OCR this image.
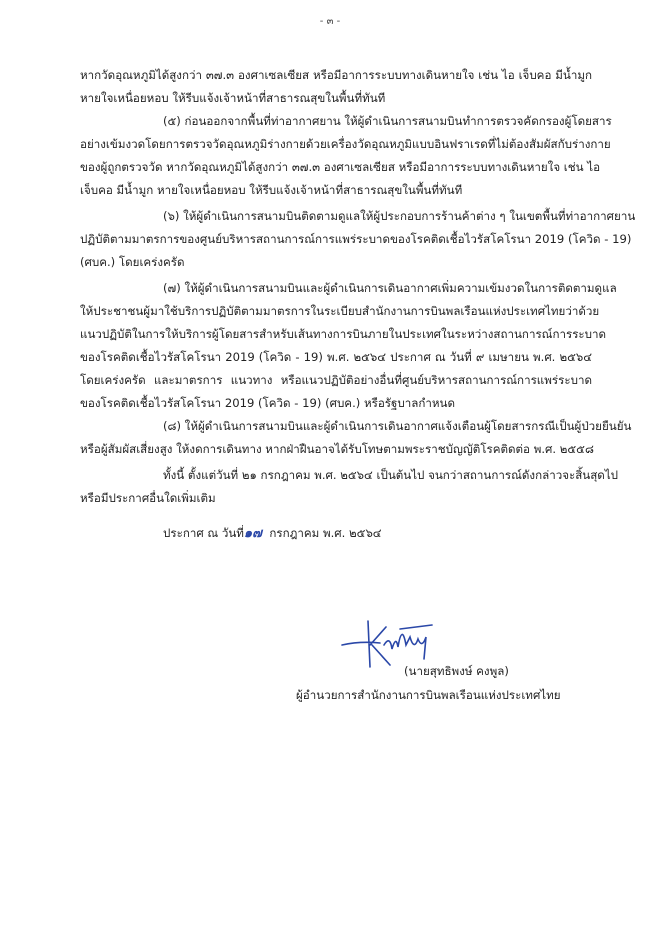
- ๓ -
หากวัดอุณหภูมิได้สูงกว่า ๓๗.๓ องศาเซลเซียส หรือมีอาการระบบทางเดินหายใจ เช่น ไอ เจ็บคอ มีน้ำมูก
หายใจเหนื่อยหอบ ให้รีบแจ้งเจ้าหน้าที่สาธารณสุขในพื้นที่ทันที
(๕) ก่อนออกจากพื้นที่ท่าอากาศยาน ให้ผู้ดำเนินการสนามบินทำการตรวจคัดกรองผู้โดยสาร
อย่างเข้มงวดโดยการตรวจวัดอุณหภูมิร่างกายด้วยเครื่องวัดอุณหภูมิแบบอินฟราเรดที่ไม่ต้องสัมผัสกับร่างกาย
ของผู้ถูกตรวจวัด หากวัดอุณหภูมิได้สูงกว่า ๓๗.๓ องศาเซลเซียส หรือมีอาการระบบทางเดินหายใจ เช่น ไอ
เจ็บคอ มีน้ำมูก หายใจเหนื่อยหอบ ให้รีบแจ้งเจ้าหน้าที่สาธารณสุขในพื้นที่ทันที
(๖) ให้ผู้ดำเนินการสนามบินติดตามดูแลให้ผู้ประกอบการร้านค้าต่าง ๆ ในเขตพื้นที่ท่าอากาศยาน
ปฏิบัติตามมาตรการของศูนย์บริหารสถานการณ์การแพร่ระบาดของโรคติดเชื้อไวรัสโคโรนา 2019 (โควิด - 19)
(ศบค.) โดยเคร่งครัด
(๗) ให้ผู้ดำเนินการสนามบินและผู้ดำเนินการเดินอากาศเพิ่มความเข้มงวดในการติดตามดูแล
ให้ประชาชนผู้มาใช้บริการปฏิบัติตามมาตรการในระเบียบสำนักงานการบินพลเรือนแห่งประเทศไทยว่าด้วย
แนวปฏิบัติในการให้บริการผู้โดยสารสำหรับเส้นทางการบินภายในประเทศในระหว่างสถานการณ์การระบาด
ของโรคติดเชื้อไวรัสโคโรนา 2019 (โควิด - 19) พ.ศ. ๒๕๖๔ ประกาศ ณ วันที่ ๙ เมษายน พ.ศ. ๒๕๖๔
โดยเคร่งครัด และมาตรการ แนวทาง หรือแนวปฏิบัติอย่างอื่นที่ศูนย์บริหารสถานการณ์การแพร่ระบาด
ของโรคติดเชื้อไวรัสโคโรนา 2019 (โควิด - 19) (ศบค.) หรือรัฐบาลกำหนด
(๘) ให้ผู้ดำเนินการสนามบินและผู้ดำเนินการเดินอากาศแจ้งเตือนผู้โดยสารกรณีเป็นผู้ป่วยยืนยัน
หรือผู้สัมผัสเสี่ยงสูง ให้งดการเดินทาง หากฝ่าฝืนอาจได้รับโทษตามพระราชบัญญัติโรคติดต่อ พ.ศ. ๒๕๕๘
ทั้งนี้ ตั้งแต่วันที่ ๒๑ กรกฎาคม พ.ศ. ๒๕๖๔ เป็นต้นไป จนกว่าสถานการณ์ดังกล่าวจะสิ้นสุดไป
หรือมีประกาศอื่นใดเพิ่มเติม
ประกาศ ณ วันที่๑๗ กรกฎาคม พ.ศ. ๒๕๖๔
(นายสุทธิพงษ์ คงพูล)
ผู้อำนวยการสำนักงานการบินพลเรือนแห่งประเทศไทย
